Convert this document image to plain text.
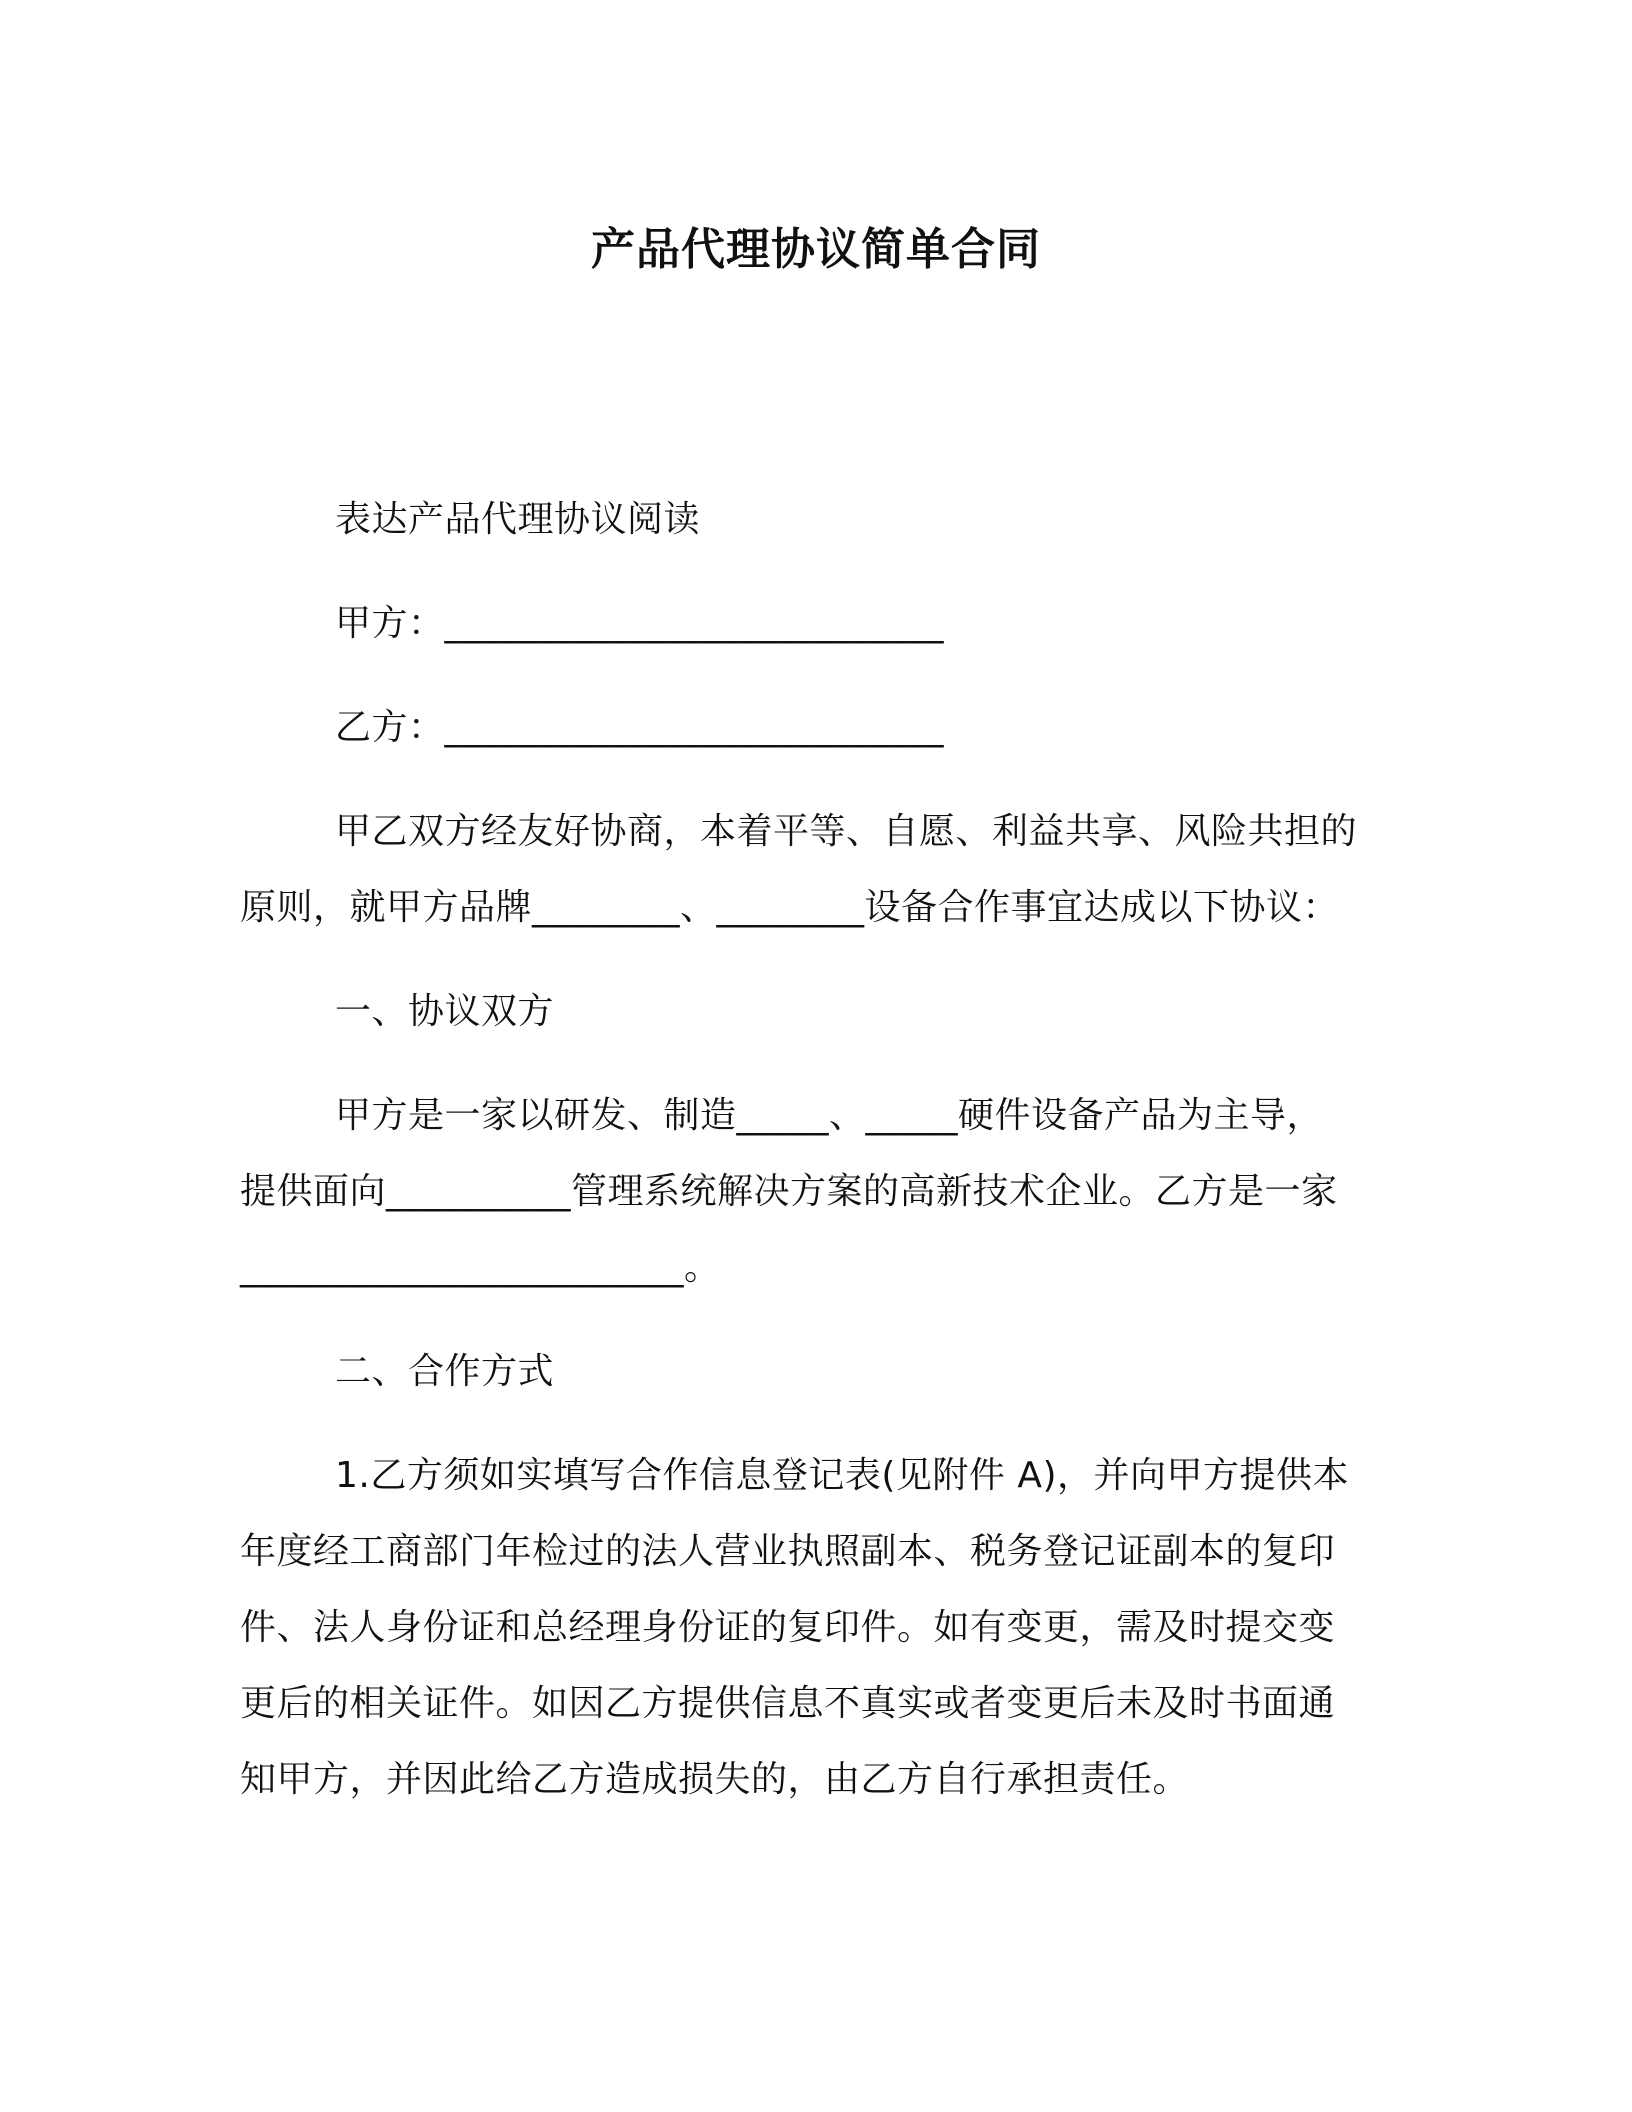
产品代理协议简单合同
表达产品代理协议阅读
甲方：___________________________
乙方：___________________________
甲乙双方经友好协商，本着平等、自愿、利益共享、风险共担的
原则，就甲方品牌________、________设备合作事宜达成以下协议：
一、协议双方
甲方是一家以研发、制造_____、_____硬件设备产品为主导，
提供面向__________管理系统解决方案的高新技术企业。乙方是一家
________________________。
二、合作方式
1.乙方须如实填写合作信息登记表(见附件 A)，并向甲方提供本
年度经工商部门年检过的法人营业执照副本、税务登记证副本的复印
件、法人身份证和总经理身份证的复印件。如有变更，需及时提交变
更后的相关证件。如因乙方提供信息不真实或者变更后未及时书面通
知甲方，并因此给乙方造成损失的，由乙方自行承担责任。
